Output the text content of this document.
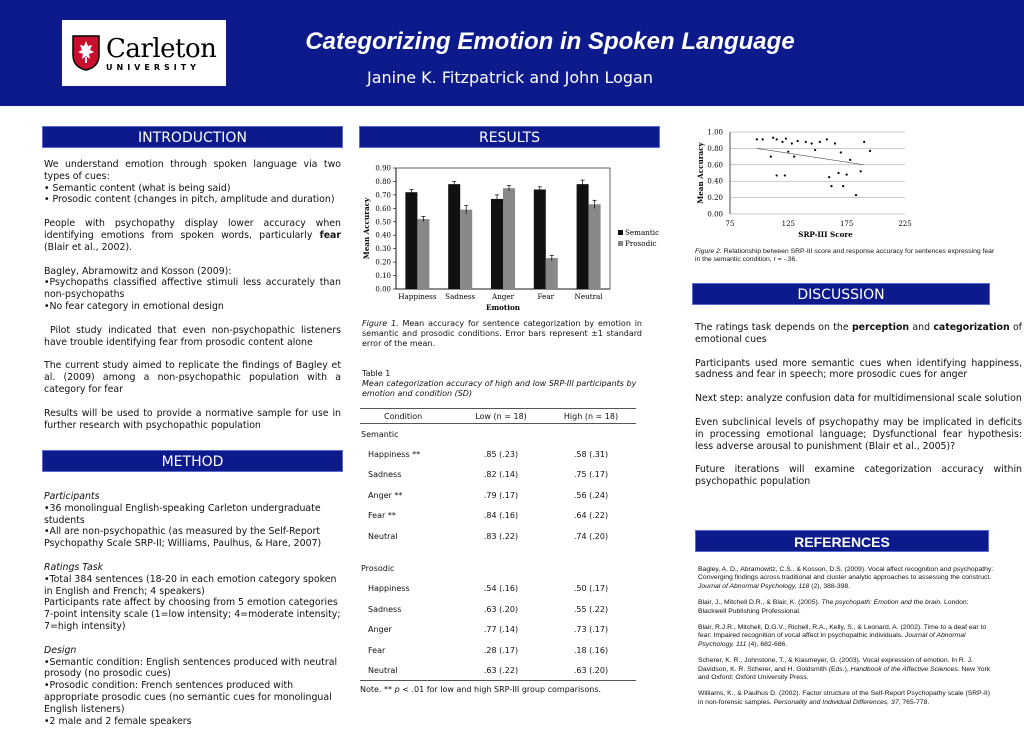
Carleton
UNIVERSITY
Categorizing Emotion in Spoken Language
Janine K. Fitzpatrick and John Logan
INTRODUCTION

We understand emotion through spoken language via two types of cues:

• Semantic content (what is being said)

• Prosodic content (changes in pitch, amplitude and duration)

People with psychopathy display lower accuracy when identifying emotions from spoken words, particularly fear (Blair et al., 2002).

Bagley, Abramowitz and Kosson (2009):

•Psychopaths classified affective stimuli less accurately than non-psychopaths

•No fear category in emotional design

Pilot study indicated that even non-psychopathic listeners have trouble identifying fear from prosodic content alone

The current study aimed to replicate the findings of Bagley et al. (2009) among a non-psychopathic population with a category for fear

Results will be used to provide a normative sample for use in further research with psychopathic population

METHOD

Participants

•36 monolingual English-speaking Carleton undergraduate students

•All are non-psychopathic (as measured by the Self-Report Psychopathy Scale SRP-II; Williams, Paulhus, & Hare, 2007)

Ratings Task

•Total 384 sentences (18-20 in each emotion category spoken in English and French; 4 speakers)

Participants rate affect by choosing from 5 emotion categories

7-point intensity scale (1=low intensity; 4=moderate intensity; 7=high intensity)

Design

•Semantic condition: English sentences produced with neutral prosody (no prosodic cues)

•Prosodic condition: French sentences produced with appropriate prosodic cues (no semantic cues for monolingual English listeners)

•2 male and 2 female speakers

RESULTS
0.00
0.10
0.20
0.30
0.40
0.50
0.60
0.70
0.80
0.90
Happiness Sadness Anger	Fear	Neutral
Emotion
Mean Accuracy	Semantic
Prosodic
Figure 1. Mean accuracy for sentence categorization by emotion in semantic and prosodic conditions. Error bars represent ±1 standard error of the mean.
Table 1
Mean categorization accuracy of high and low SRP-III participants by emotion and condition (SD)
Condition	Low (n = 18)	High (n = 18)
Semantic
Happiness **	.85 (.23)	.58 (.31)
Sadness	.82 (.14)	.75 (.17)
Anger **	.79 (.17)	.56 (.24)
Fear **	.84 (.16)	.64 (.22)
Neutral	.83 (.22)	.74 (.20)
Prosodic
Happiness	.54 (.16)	.50 (.17)
Sadness	.63 (.20)	.55 (.22)
Anger	.77 (.14)	.73 (.17)
Fear	.28 (.17)	.18 (.16)
Neutral	.63 (.22)	.63 (.20)
Note. ** p < .01 for low and high SRP-III group comparisons.
0.00
0.20
0.40
0.60
0.80
1.00
75	125	175	225
SRP-III Score
Mean Accuracy
Figure 2. Relationship between SRP-III score and response accuracy for sentences expressing fear in the semantic condition, r = -.36.
DISCUSSION

The ratings task depends on the perception and categorization of emotional cues

Participants used more semantic cues when identifying happiness, sadness and fear in speech; more prosodic cues for anger

Next step: analyze confusion data for multidimensional scale solution

Even subclinical levels of psychopathy may be implicated in deficits in processing emotional language; Dysfunctional fear hypothesis: less adverse arousal to punishment (Blair et al., 2005)?

Future iterations will examine categorization accuracy within psychopathic population

REFERENCES

Bagley, A. D., Abramowitz, C.S., & Kosson, D.S. (2009). Vocal affect recognition and psychopathy: Converging findings across traditional and cluster analytic approaches to assessing the construct. Journal of Abnormal Psychology, 118 (2), 388-398.

Blair, J., Mitchell D.R., & Blair, K. (2005). The psychopath: Emotion and the brain. London: Blackwell Publishing Professional.

Blair, R.J.R., Mitchell, D.G.V., Richell, R.A., Kelly, S., & Leonard, A. (2002). Time to a deaf ear to fear: Impaired recognition of vocal affect in psychopathic individuals. Journal of Abnormal Psychology, 111 (4), 682-686.

Scherer, K. R., Johnstone, T., & Klasmeyer, G. (2003). Vocal expression of emotion. In R. J. Davidson, K. R. Scherer, and H. Goldsmith (Eds.), Handbook of the Affective Sciences. New York and Oxford: Oxford University Press.

Williams, K., & Paulhus D. (2002). Factor structure of the Self-Report Psychopathy scale (SRP-II) in non-forensic samples. Personality and Individual Differences, 37, 765-778.
